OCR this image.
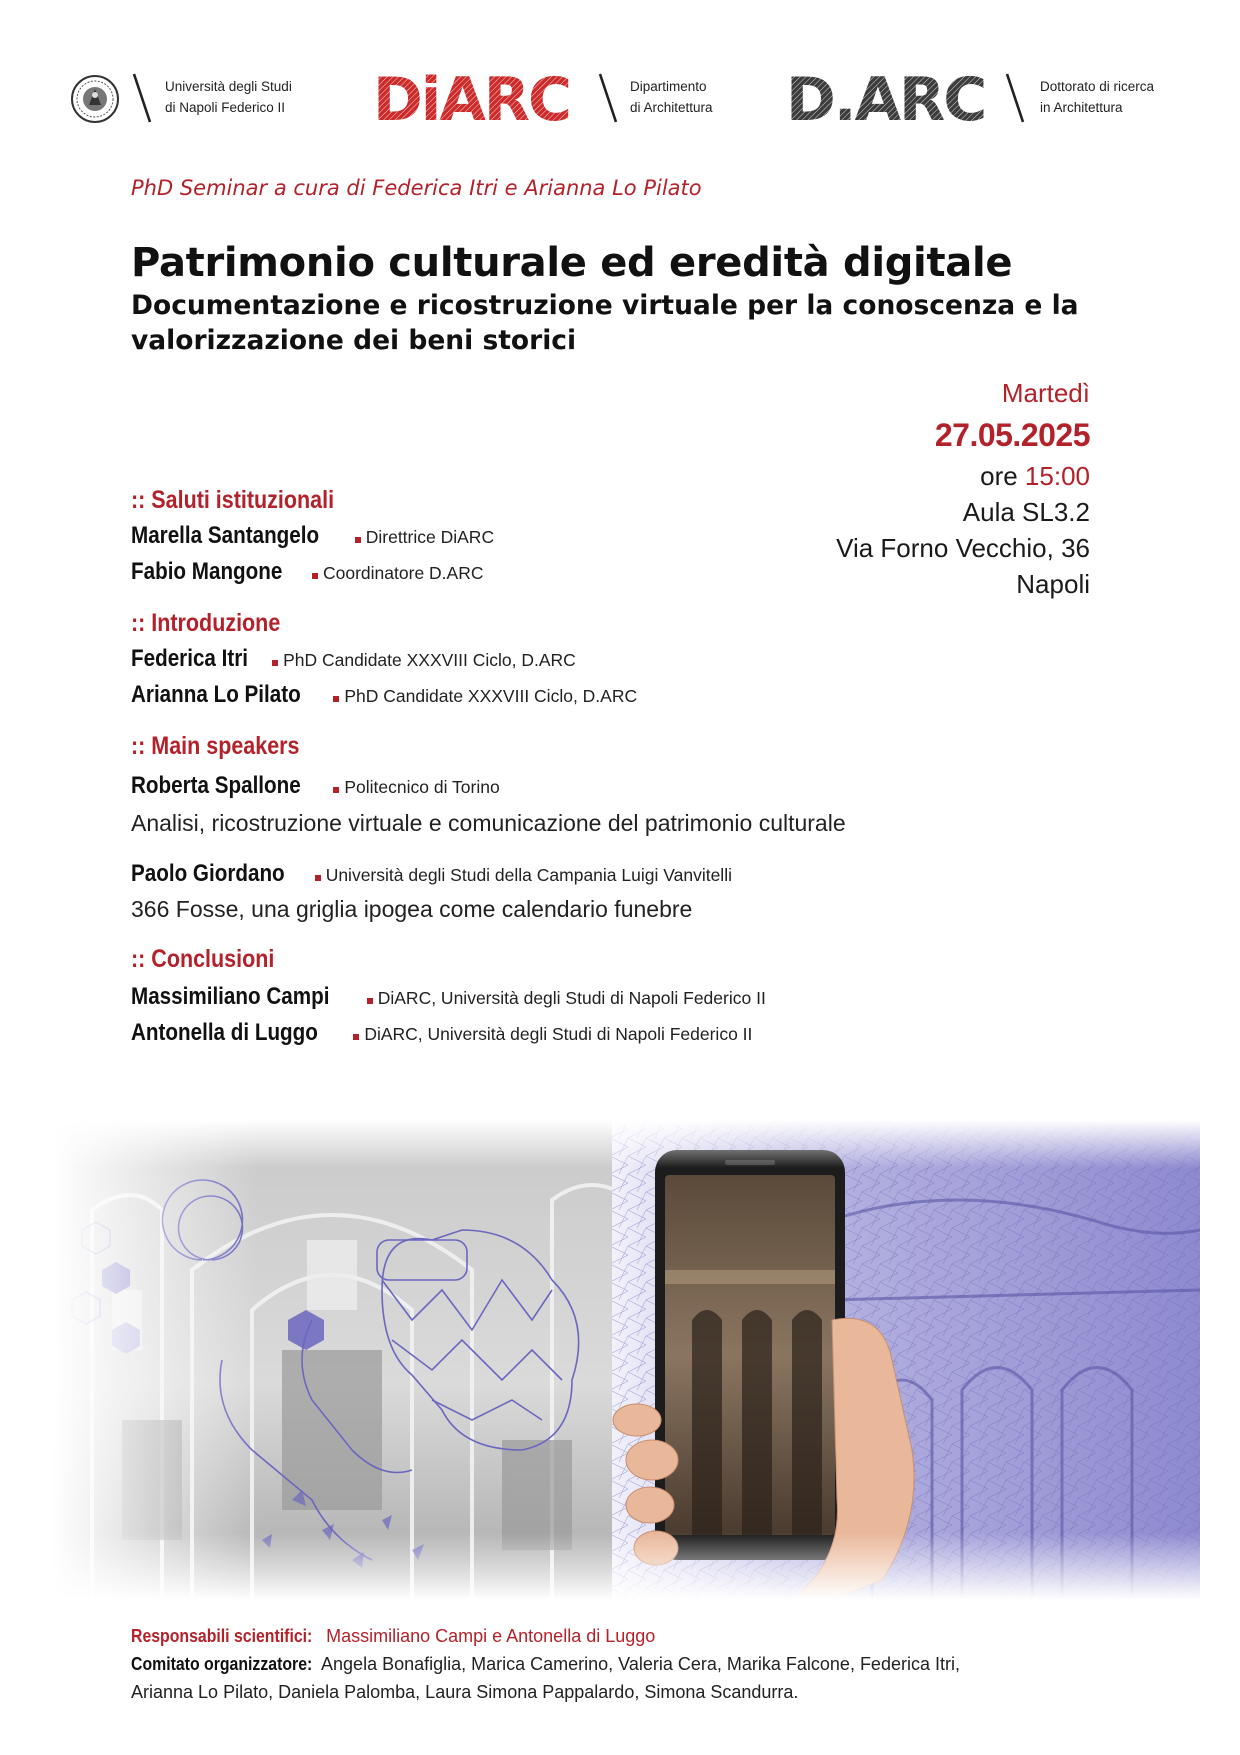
Università degli Studi
di Napoli Federico II DiARC	Dipartimento
di Architettura D.ARC	Dottorato di ricerca
in Architettura
PhD Seminar a cura di Federica Itri e Arianna Lo Pilato
Patrimonio culturale ed eredità digitale
Documentazione e ricostruzione virtuale per la conoscenza e la
valorizzazione dei beni storici
Martedì
27.05.2025
ore 15:00
Aula SL3.2
Via Forno Vecchio, 36
Napoli
:: Saluti istituzionali
Marella Santangelo	Direttrice DiARC
Fabio Mangone Coordinatore D.ARC
:: Introduzione
Federica Itri PhD Candidate XXXVIII Ciclo, D.ARC
Arianna Lo Pilato PhD Candidate XXXVIII Ciclo, D.ARC
:: Main speakers
Roberta Spallone Politecnico di Torino
Analisi, ricostruzione virtuale e comunicazione del patrimonio culturale
Paolo Giordano Università degli Studi della Campania Luigi Vanvitelli
366 Fosse, una griglia ipogea come calendario funebre
:: Conclusioni
Massimiliano Campi	DiARC, Università degli Studi di Napoli Federico II
Antonella di Luggo	DiARC, Università degli Studi di Napoli Federico II
Responsabili scientifici: Massimiliano Campi e Antonella di Luggo
Comitato organizzatore: Angela Bonafiglia, Marica Camerino, Valeria Cera, Marika Falcone, Federica Itri,
Arianna Lo Pilato, Daniela Palomba, Laura Simona Pappalardo, Simona Scandurra.
